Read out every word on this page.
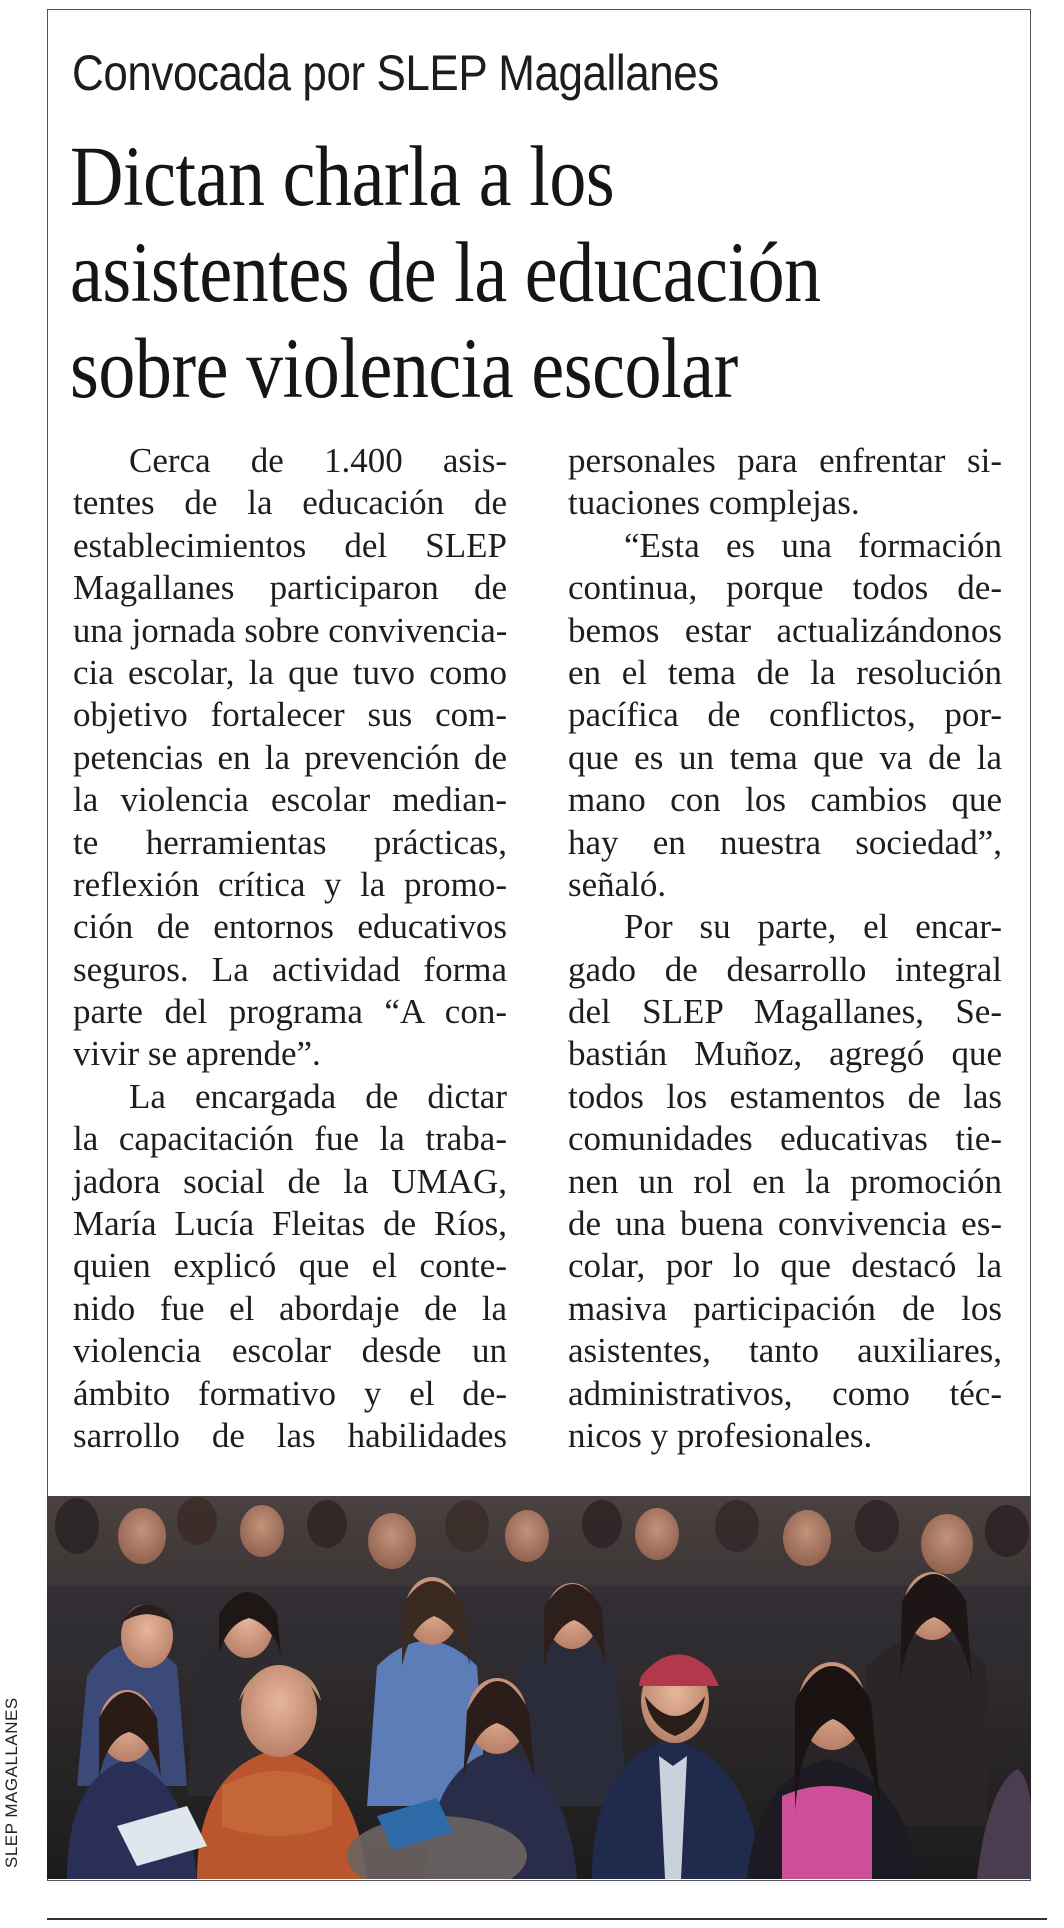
Convocada por SLEP Magallanes
Dictan charla a los
asistentes de la educación
sobre violencia escolar
Cerca de 1.400 asis-
tentes de la educación de
establecimientos del SLEP
Magallanes participaron de
una jornada sobre convivencia-
cia escolar, la que tuvo como
objetivo fortalecer sus com-
petencias en la prevención de
la violencia escolar median-
te herramientas prácticas,
reflexión crítica y la promo-
ción de entornos educativos
seguros. La actividad forma
parte del programa “A con-
vivir se aprende”.
La encargada de dictar
la capacitación fue la traba-
jadora social de la UMAG,
María Lucía Fleitas de Ríos,
quien explicó que el conte-
nido fue el abordaje de la
violencia escolar desde un
ámbito formativo y el de-
sarrollo de las habilidades
personales para enfrentar si-
tuaciones complejas.
“Esta es una formación
continua, porque todos de-
bemos estar actualizándonos
en el tema de la resolución
pacífica de conflictos, por-
que es un tema que va de la
mano con los cambios que
hay en nuestra sociedad”,
señaló.
Por su parte, el encar-
gado de desarrollo integral
del SLEP Magallanes, Se-
bastián Muñoz, agregó que
todos los estamentos de las
comunidades educativas tie-
nen un rol en la promoción
de una buena convivencia es-
colar, por lo que destacó la
masiva participación de los
asistentes, tanto auxiliares,
administrativos, como téc-
nicos y profesionales.
SLEP MAGALLANES
